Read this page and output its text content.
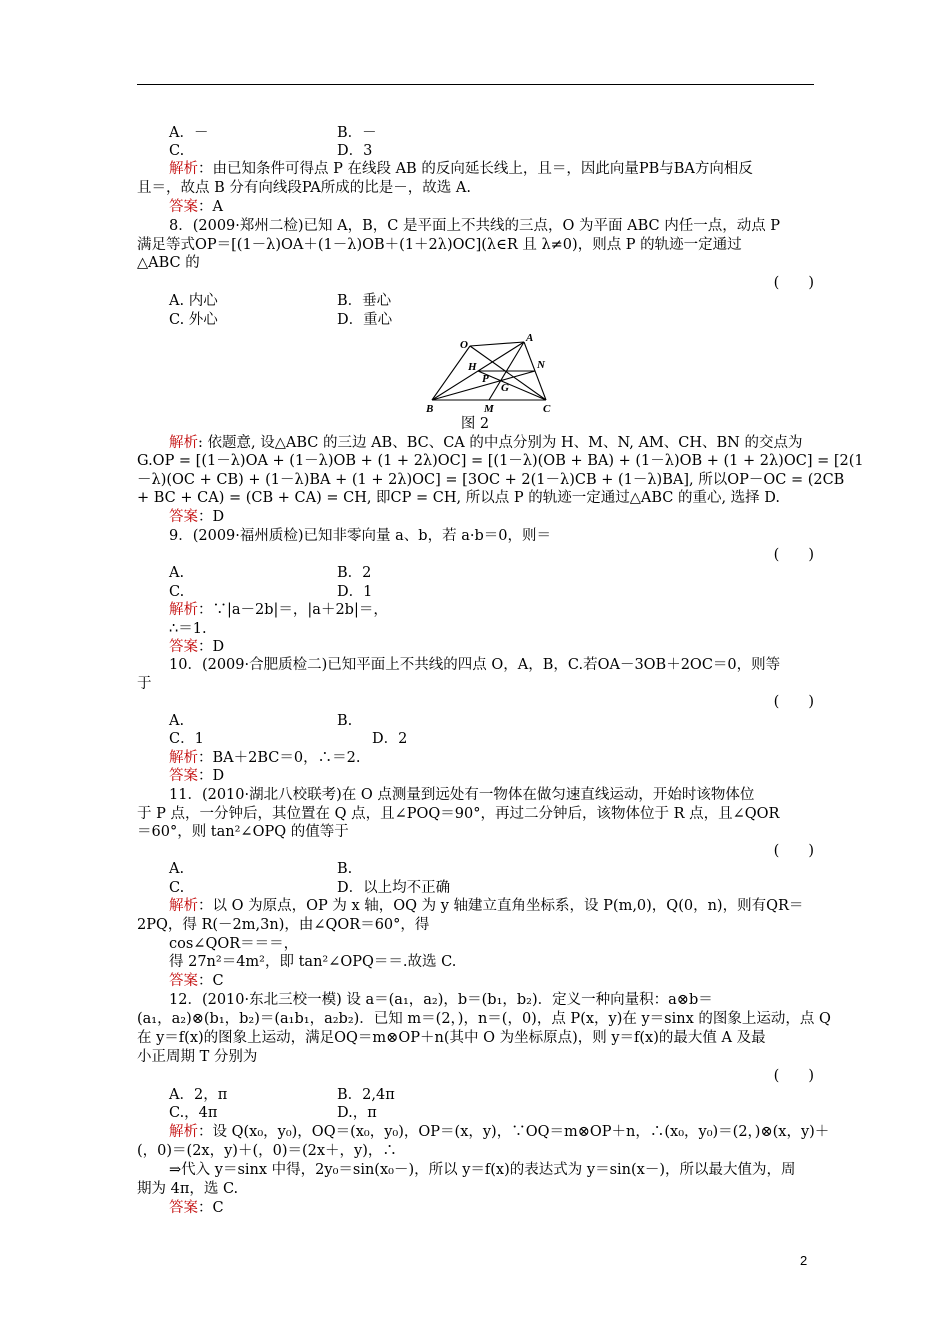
A．－	B．－
C.	D．3
解析：由已知条件可得点 P 在线段 AB 的反向延长线上，且＝，因此向量PB与BA方向相反
且＝，故点 B 分有向线段PA所成的比是－，故选 A.
答案：A
8．(2009·郑州二检)已知 A，B，C 是平面上不共线的三点，O 为平面 ABC 内任一点，动点 P
满足等式OP＝[(1－λ)OA＋(1－λ)OB＋(1＋2λ)OC](λ∈R 且 λ≠0)，则点 P 的轨迹一定通过
△ABC 的
(　　)
A. 内心	B．垂心
C. 外心	D．重心
O
A
H	N
P
G
B	M	C
图 2
解析: 依题意, 设△ABC 的三边 AB、BC、CA 的中点分别为 H、M、N, AM、CH、BN 的交点为
G.OP = [(1－λ)OA + (1－λ)OB + (1 + 2λ)OC] = [(1－λ)(OB + BA) + (1－λ)OB + (1 + 2λ)OC] = [2(1
－λ)(OC + CB) + (1－λ)BA + (1 + 2λ)OC] = [3OC + 2(1－λ)CB + (1－λ)BA], 所以OP－OC = (2CB
+ BC + CA) = (CB + CA) = CH, 即CP = CH, 所以点 P 的轨迹一定通过△ABC 的重心, 选择 D.
答案：D
9．(2009·福州质检)已知非零向量 a、b，若 a·b＝0，则＝
(　　)
A.	B．2
C.	D．1
解析：∵|a－2b|＝，|a＋2b|＝，
∴＝1.
答案：D
10．(2009·合肥质检二)已知平面上不共线的四点 O，A，B，C.若OA－3OB＋2OC＝0，则等
于
(　　)
A.	B.
C．1	D．2
解析：BA＋2BC＝0，∴＝2.
答案：D
11．(2010·湖北八校联考)在 O 点测量到远处有一物体在做匀速直线运动，开始时该物体位
于 P 点，一分钟后，其位置在 Q 点，且∠POQ＝90°，再过二分钟后，该物体位于 R 点，且∠QOR
＝60°，则 tan²∠OPQ 的值等于
(　　)
A.	B.
C.	D．以上均不正确
解析：以 O 为原点，OP 为 x 轴，OQ 为 y 轴建立直角坐标系，设 P(m,0)，Q(0，n)，则有QR＝
2PQ，得 R(－2m,3n)，由∠QOR＝60°，得
cos∠QOR＝＝＝，
得 27n²＝4m²，即 tan²∠OPQ＝＝.故选 C.
答案：C
12．(2010·东北三校一模) 设 a＝(a₁，a₂)，b＝(b₁，b₂)．定义一种向量积：a⊗b＝
(a₁，a₂)⊗(b₁，b₂)＝(a₁b₁，a₂b₂)．已知 m＝(2，)，n＝(，0)，点 P(x，y)在 y＝sinx 的图象上运动，点 Q
在 y＝f(x)的图象上运动，满足OQ＝m⊗OP＋n(其中 O 为坐标原点)，则 y＝f(x)的最大值 A 及最
小正周期 T 分别为
(　　)
A．2，π	B．2,4π
C.，4π	D.，π
解析：设 Q(x₀，y₀)，OQ＝(x₀，y₀)，OP＝(x，y)，∵OQ＝m⊗OP＋n，∴(x₀，y₀)＝(2，)⊗(x，y)＋
(，0)＝(2x，y)＋(，0)＝(2x＋，y)，∴
⇒代入 y＝sinx 中得，2y₀＝sin(x₀－)，所以 y＝f(x)的表达式为 y＝sin(x－)，所以最大值为，周
期为 4π，选 C.
答案：C
2
